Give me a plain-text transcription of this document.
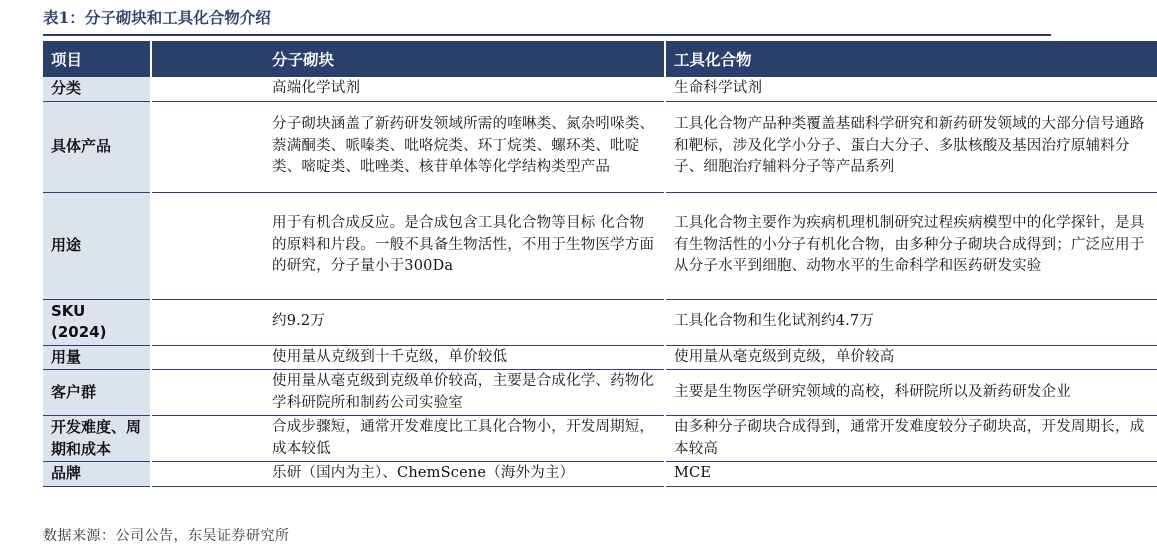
表1：分子砌块和工具化合物介绍
项目	分子砌块	工具化合物
分类	高端化学试剂	生命科学试剂
具体产品	分子砌块涵盖了新药研发领域所需的喹啉类、氮杂吲哚类、萘满酮类、哌嗪类、吡咯烷类、环丁烷类、螺环类、吡啶类、嘧啶类、吡唑类、核苷单体等化学结构类型产品	工具化合物产品种类覆盖基础科学研究和新药研发领域的大部分信号通路和靶标，涉及化学小分子、蛋白大分子、多肽核酸及基因治疗原辅料分子、细胞治疗辅料分子等产品系列
用途	用于有机合成反应。是合成包含工具化合物等目标 化合物的原料和片段。一般不具备生物活性，不用于生物医学方面的研究，分子量小于300Da	工具化合物主要作为疾病机理机制研究过程疾病模型中的化学探针，是具有生物活性的小分子有机化合物，由多种分子砌块合成得到；广泛应用于从分子水平到细胞、动物水平的生命科学和医药研发实验
SKU (2024)	约9.2万	工具化合物和生化试剂约4.7万
用量	使用量从克级到十千克级，单价较低	使用量从毫克级到克级，单价较高
客户群	使用量从毫克级到克级单价较高，主要是合成化学、药物化学科研院所和制药公司实验室	主要是生物医学研究领域的高校，科研院所以及新药研发企业
开发难度、周期和成本	合成步骤短，通常开发难度比工具化合物小，开发周期短，成本较低	由多种分子砌块合成得到，通常开发难度较分子砌块高，开发周期长，成本较高
品牌	乐研（国内为主）、ChemScene（海外为主）	MCE
数据来源：公司公告，东吴证券研究所
